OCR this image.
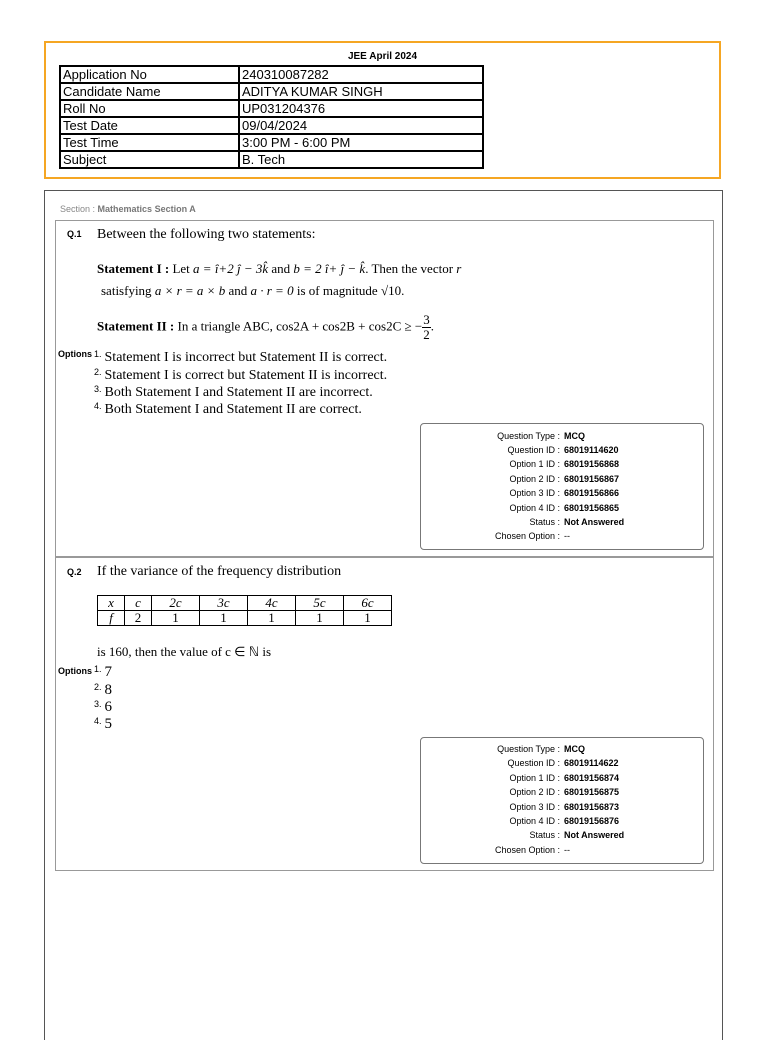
JEE April 2024
Application No	240310087282
Candidate Name	ADITYA KUMAR SINGH
Roll No	UP031204376
Test Date	09/04/2024
Test Time	3:00 PM - 6:00 PM
Subject	B. Tech
Section : Mathematics Section A
Q.1 Between the following two statements:
Statement I : Let a = î+2 ĵ − 3k̂ and b = 2 î+ ĵ − k̂. Then the vector r
satisfying a × r = a × b and a · r = 0 is of magnitude √10.
Statement II : In a triangle ABC, cos2A + cos2B + cos2C ≥ − $\frac{3}{2}$ .
Options $^{1.}$ Statement I is incorrect but Statement II is correct.
$^{2.}$ Statement I is correct but Statement II is incorrect.
$^{3.}$ Both Statement I and Statement II are incorrect.
$^{4.}$ Both Statement I and Statement II are correct.
Question Type : MCQ
Question ID : 68019114620
Option 1 ID : 68019156868
Option 2 ID : 68019156867
Option 3 ID : 68019156866
Option 4 ID : 68019156865
Status : Not Answered
Chosen Option : --
Q.2 If the variance of the frequency distribution
x	c	2c	3c	4c	5c	6c
f	2	1	1	1	1	1
is 160, then the value of c ∈ ℕ is
Options $^{1.}$ 7
$^{2.}$ 8
$^{3.}$ 6
$^{4.}$ 5
Question Type : MCQ
Question ID : 68019114622
Option 1 ID : 68019156874
Option 2 ID : 68019156875
Option 3 ID : 68019156873
Option 4 ID : 68019156876
Status : Not Answered
Chosen Option : --
